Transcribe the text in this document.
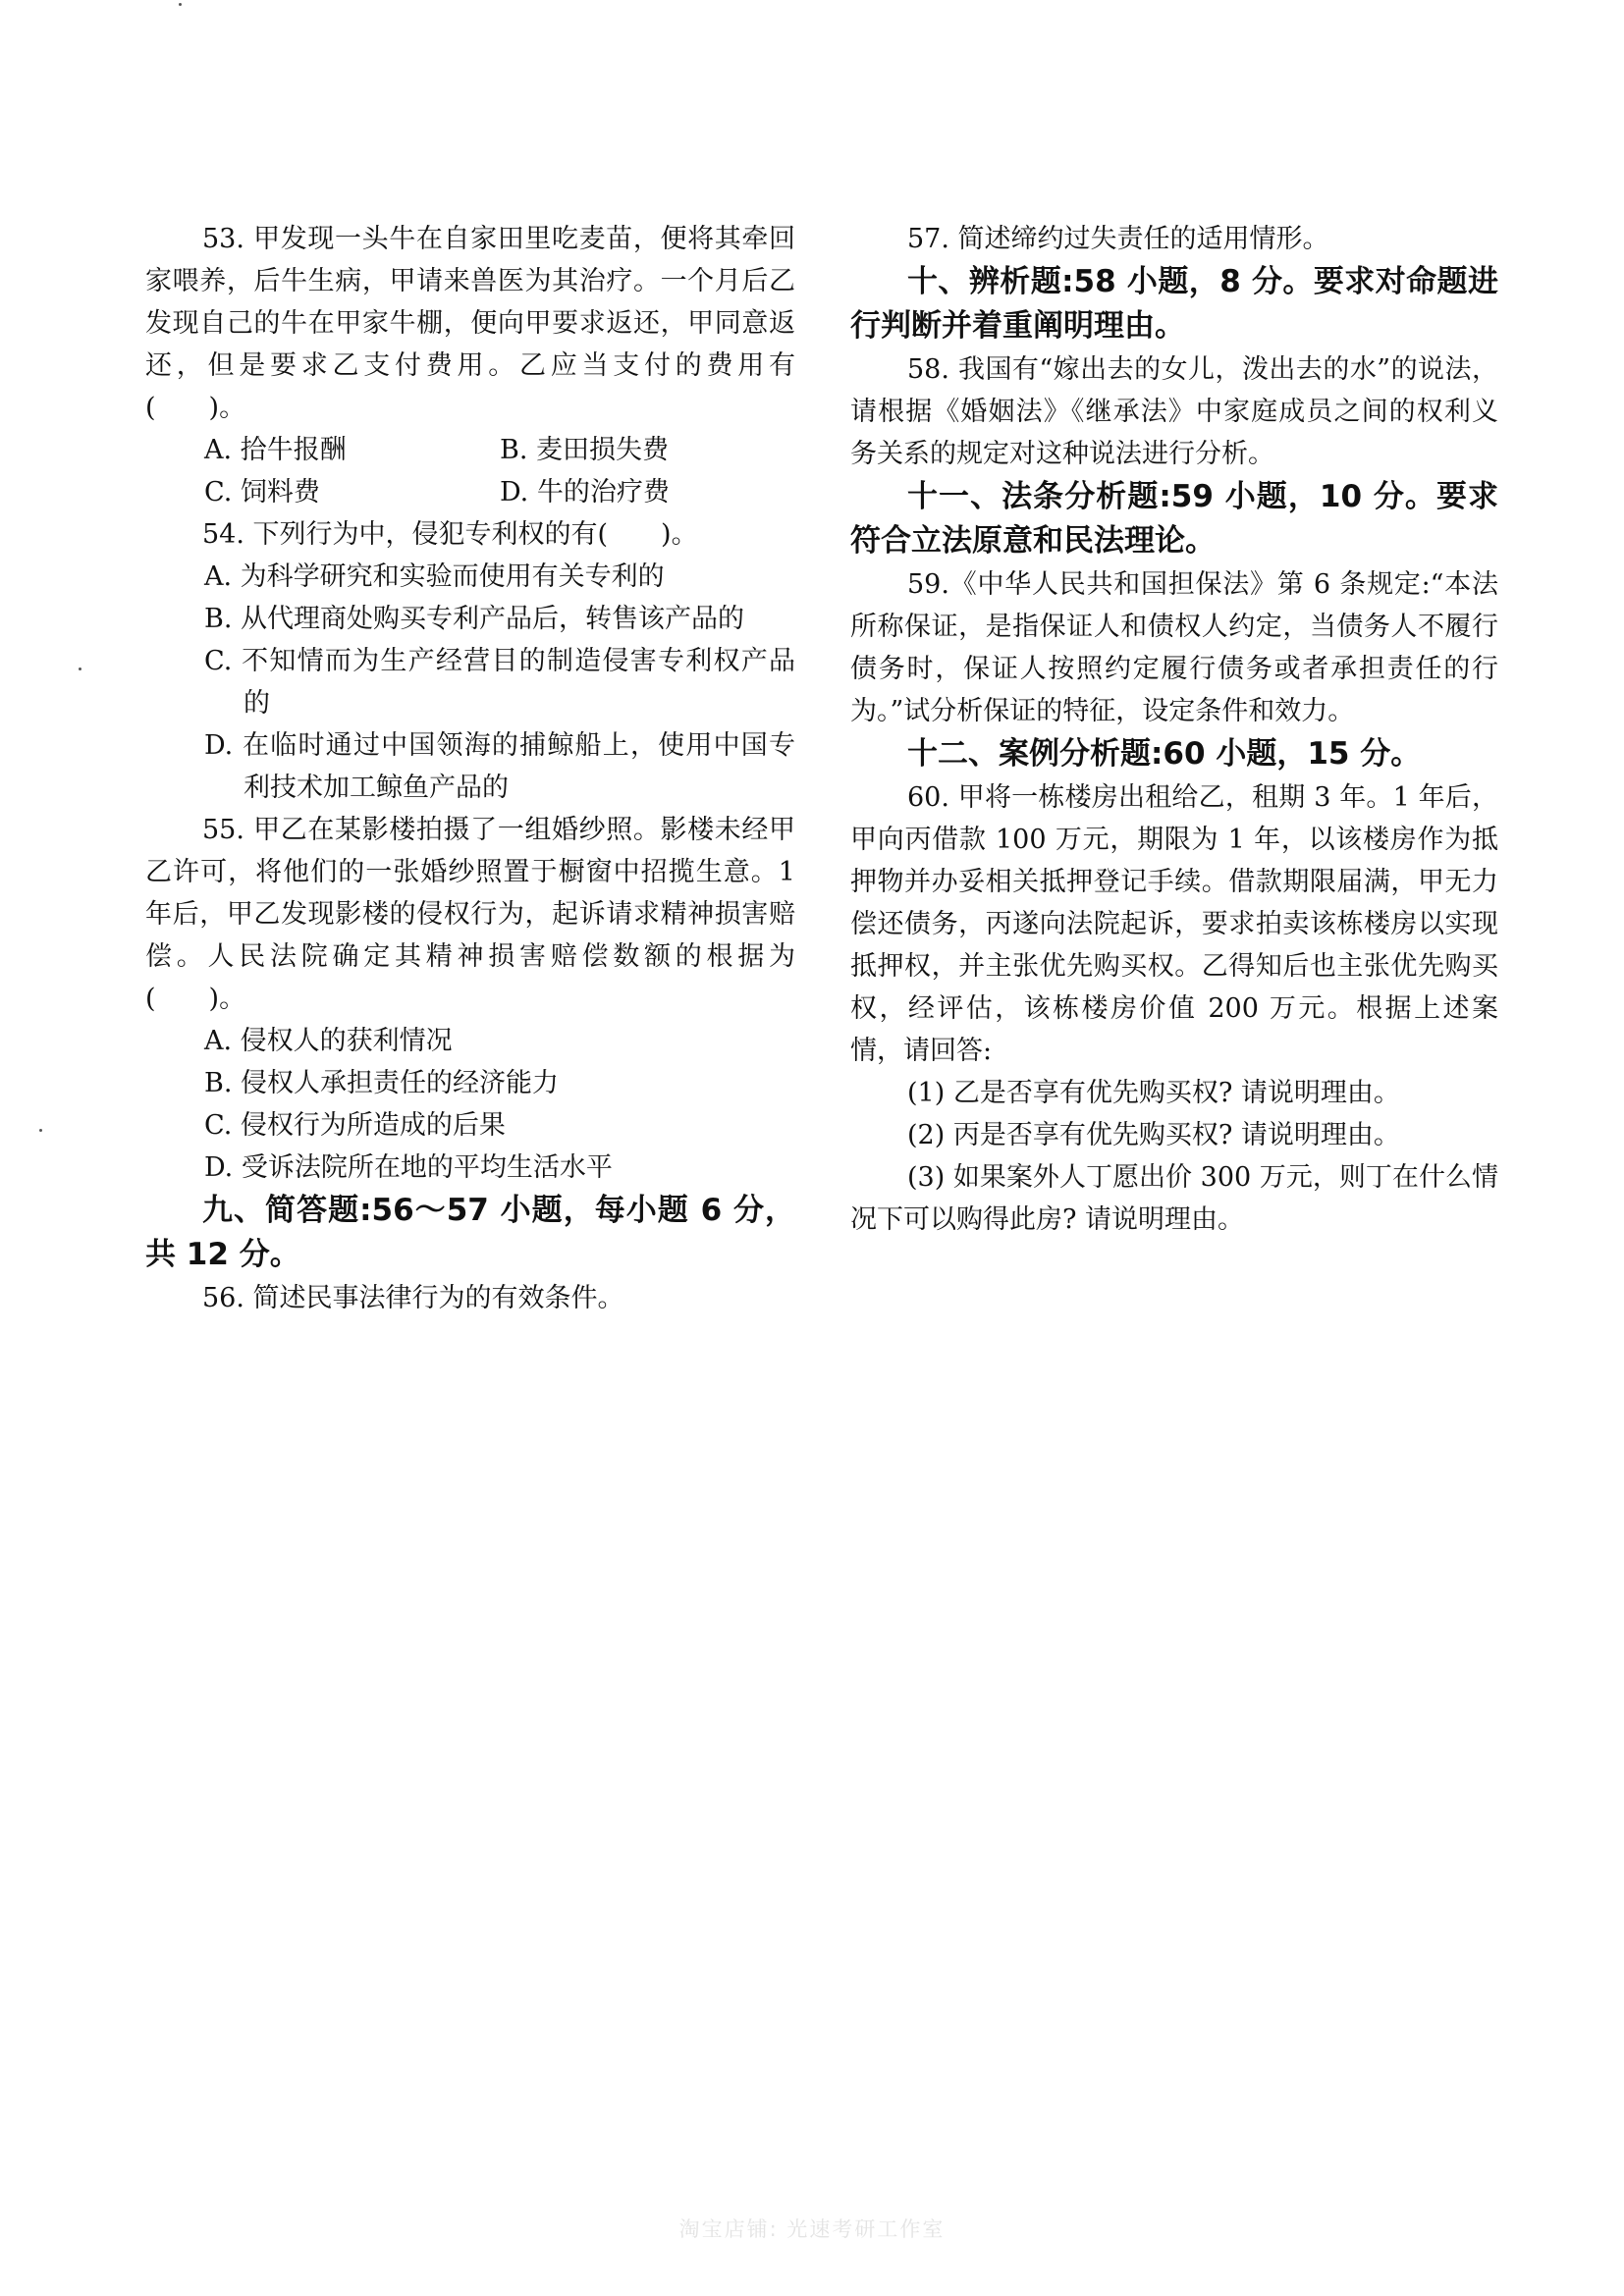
53. 甲发现一头牛在自家田里吃麦苗，便将其牵回家喂养，后牛生病，甲请来兽医为其治疗。一个月后乙发现自己的牛在甲家牛棚，便向甲要求返还，甲同意返还，但是要求乙支付费用。乙应当支付的费用有(　　)。

A. 拾牛报酬	B. 麦田损失费
C. 饲料费	D. 牛的治疗费

54. 下列行为中，侵犯专利权的有(　　)。

A. 为科学研究和实验而使用有关专利的

B. 从代理商处购买专利产品后，转售该产品的

C. 不知情而为生产经营目的制造侵害专利权产品的

D. 在临时通过中国领海的捕鲸船上，使用中国专利技术加工鲸鱼产品的

55. 甲乙在某影楼拍摄了一组婚纱照。影楼未经甲乙许可，将他们的一张婚纱照置于橱窗中招揽生意。1 年后，甲乙发现影楼的侵权行为，起诉请求精神损害赔偿。人民法院确定其精神损害赔偿数额的根据为(　　)。

A. 侵权人的获利情况

B. 侵权人承担责任的经济能力

C. 侵权行为所造成的后果

D. 受诉法院所在地的平均生活水平

九、简答题:56～57 小题，每小题 6 分，共 12 分。

56. 简述民事法律行为的有效条件。

57. 简述缔约过失责任的适用情形。

十、辨析题:58 小题，8 分。要求对命题进行判断并着重阐明理由。

58. 我国有“嫁出去的女儿，泼出去的水”的说法，请根据《婚姻法》《继承法》中家庭成员之间的权利义务关系的规定对这种说法进行分析。

十一、法条分析题:59 小题，10 分。要求符合立法原意和民法理论。

59.《中华人民共和国担保法》第 6 条规定:“本法所称保证，是指保证人和债权人约定，当债务人不履行债务时，保证人按照约定履行债务或者承担责任的行为。”试分析保证的特征，设定条件和效力。

十二、案例分析题:60 小题，15 分。

60. 甲将一栋楼房出租给乙，租期 3 年。1 年后，甲向丙借款 100 万元，期限为 1 年，以该楼房作为抵押物并办妥相关抵押登记手续。借款期限届满，甲无力偿还债务，丙遂向法院起诉，要求拍卖该栋楼房以实现抵押权，并主张优先购买权。乙得知后也主张优先购买权，经评估，该栋楼房价值 200 万元。根据上述案情，请回答:

(1) 乙是否享有优先购买权? 请说明理由。

(2) 丙是否享有优先购买权? 请说明理由。

(3) 如果案外人丁愿出价 300 万元，则丁在什么情况下可以购得此房? 请说明理由。

淘宝店铺: 光速考研工作室
